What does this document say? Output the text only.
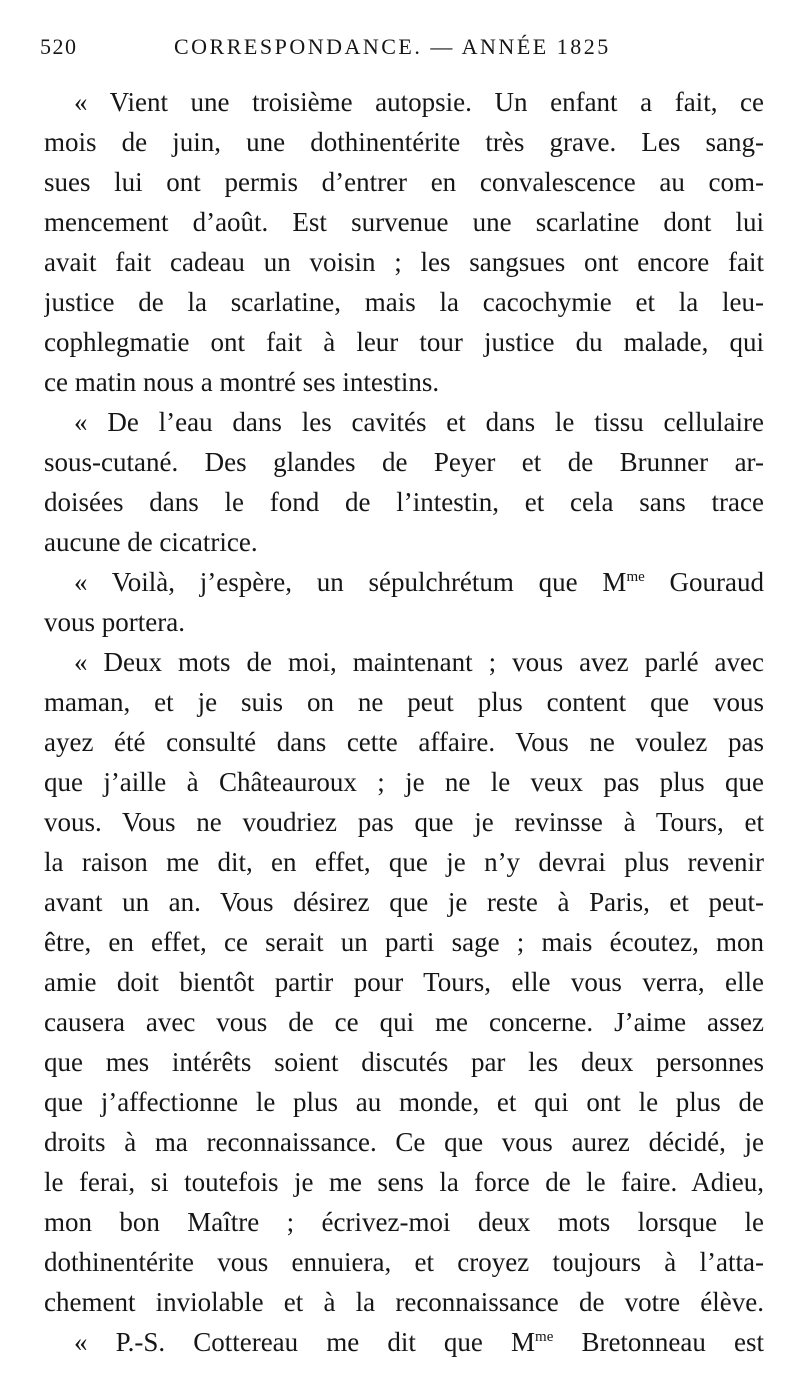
520	CORRESPONDANCE. — ANNÉE 1825
« Vient une troisième autopsie. Un enfant a fait, ce
mois de juin, une dothinentérite très grave. Les sang-
sues lui ont permis d’entrer en convalescence au com-
mencement d’août. Est survenue une scarlatine dont lui
avait fait cadeau un voisin ; les sangsues ont encore fait
justice de la scarlatine, mais la cacochymie et la leu-
cophlegmatie ont fait à leur tour justice du malade, qui
ce matin nous a montré ses intestins.
« De l’eau dans les cavités et dans le tissu cellulaire
sous-cutané. Des glandes de Peyer et de Brunner ar-
doisées dans le fond de l’intestin, et cela sans trace
aucune de cicatrice.
« Voilà, j’espère, un sépulchrétum que $M^{me}$ Gouraud
vous portera.
« Deux mots de moi, maintenant ; vous avez parlé avec
maman, et je suis on ne peut plus content que vous
ayez été consulté dans cette affaire. Vous ne voulez pas
que j’aille à Châteauroux ; je ne le veux pas plus que
vous. Vous ne voudriez pas que je revinsse à Tours, et
la raison me dit, en effet, que je n’y devrai plus revenir
avant un an. Vous désirez que je reste à Paris, et peut-
être, en effet, ce serait un parti sage ; mais écoutez, mon
amie doit bientôt partir pour Tours, elle vous verra, elle
causera avec vous de ce qui me concerne. J’aime assez
que mes intérêts soient discutés par les deux personnes
que j’affectionne le plus au monde, et qui ont le plus de
droits à ma reconnaissance. Ce que vous aurez décidé, je
le ferai, si toutefois je me sens la force de le faire. Adieu,
mon bon Maître ; écrivez-moi deux mots lorsque le
dothinentérite vous ennuiera, et croyez toujours à l’atta-
chement inviolable et à la reconnaissance de votre élève.
« P.-S. Cottereau me dit que $M^{me}$ Bretonneau est
